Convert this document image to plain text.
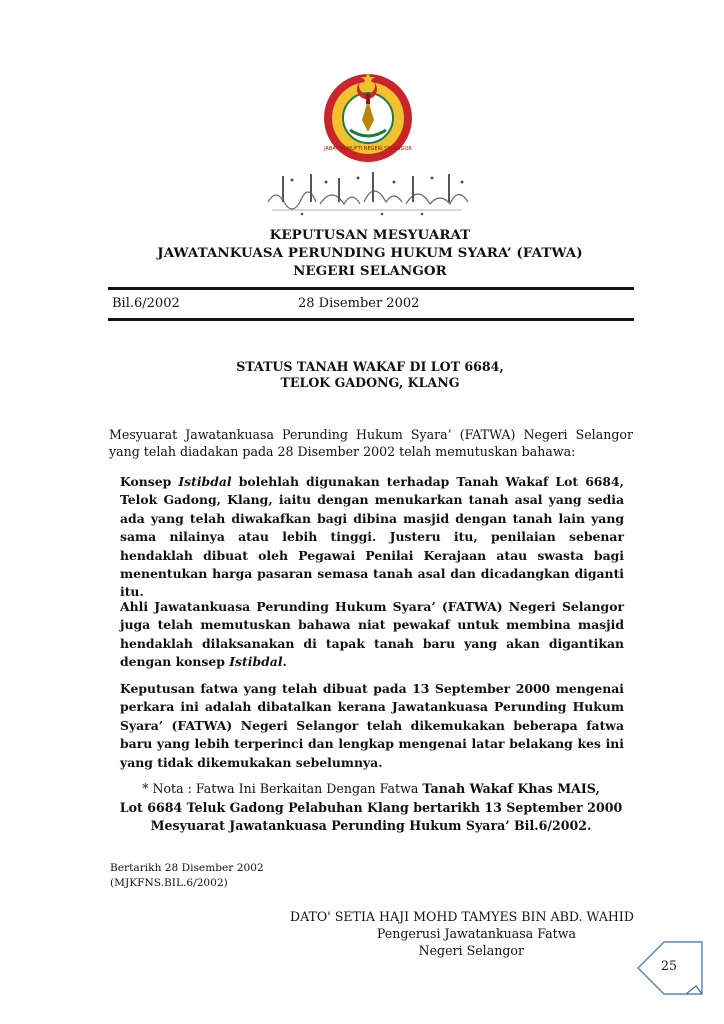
JABATAN MUFTI NEGERI SELANGOR
KEPUTUSAN MESYUARAT
JAWATANKUASA PERUNDING HUKUM SYARA’ (FATWA)
NEGERI SELANGOR
Bil.6/2002	28 Disember 2002
STATUS TANAH WAKAF DI LOT 6684,
TELOK GADONG, KLANG
Mesyuarat Jawatankuasa Perunding Hukum Syara’ (FATWA) Negeri Selangor yang telah diadakan pada 28 Disember 2002 telah memutuskan bahawa:
Konsep Istibdal bolehlah digunakan terhadap Tanah Wakaf Lot 6684, Telok Gadong, Klang, iaitu dengan menukarkan tanah asal yang sedia ada yang telah diwakafkan bagi dibina masjid dengan tanah lain yang sama nilainya atau lebih tinggi. Justeru itu, penilaian sebenar hendaklah dibuat oleh Pegawai Penilai Kerajaan atau swasta bagi menentukan harga pasaran semasa tanah asal dan dicadangkan diganti itu.
Ahli Jawatankuasa Perunding Hukum Syara’ (FATWA) Negeri Selangor juga telah memutuskan bahawa niat pewakaf untuk membina masjid hendaklah dilaksanakan di tapak tanah baru yang akan digantikan dengan konsep Istibdal.
Keputusan fatwa yang telah dibuat pada 13 September 2000 mengenai perkara ini adalah dibatalkan kerana Jawatankuasa Perunding Hukum Syara’ (FATWA) Negeri Selangor telah dikemukakan beberapa fatwa baru yang lebih terperinci dan lengkap mengenai latar belakang kes ini yang tidak dikemukakan sebelumnya.
* Nota : Fatwa Ini Berkaitan Dengan Fatwa Tanah Wakaf Khas MAIS,
Lot 6684 Teluk Gadong Pelabuhan Klang bertarikh 13 September 2000
Mesyuarat Jawatankuasa Perunding Hukum Syara’ Bil.6/2002.
Bertarikh 28 Disember 2002
(MJKFNS.BIL.6/2002)
DATO' SETIA HAJI MOHD TAMYES BIN ABD. WAHID
Pengerusi Jawatankuasa Fatwa
Negeri Selangor
25
